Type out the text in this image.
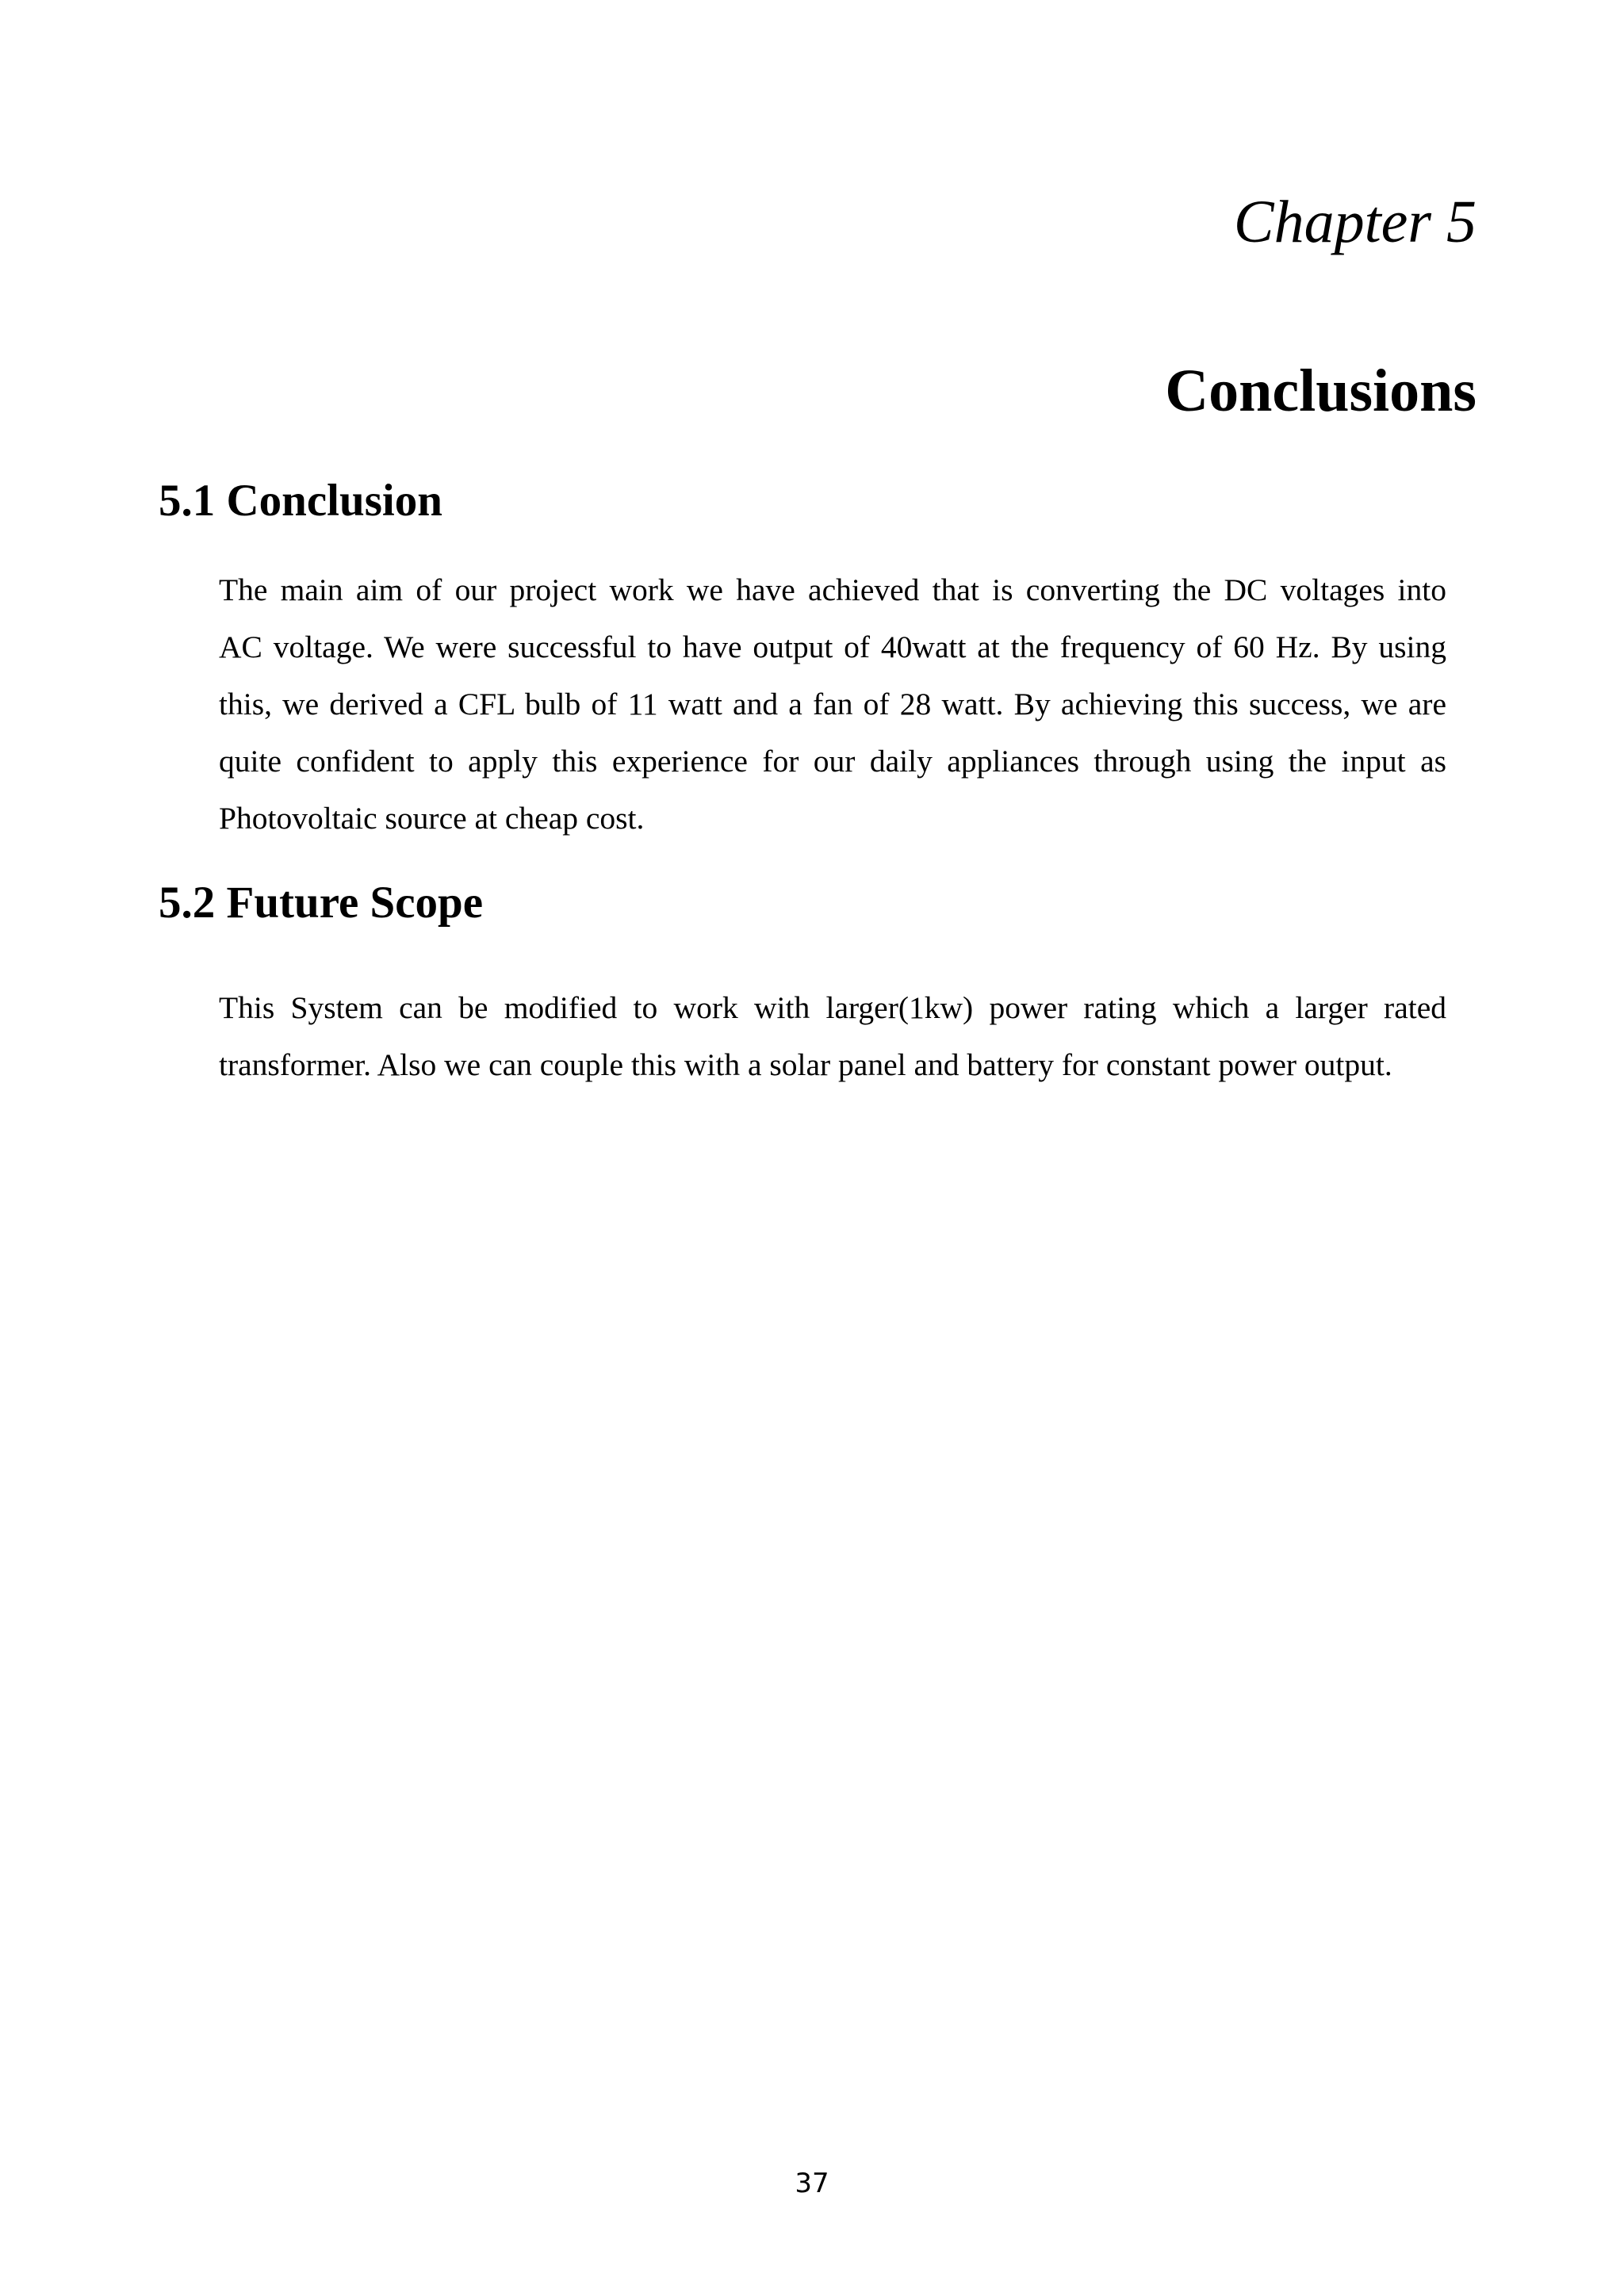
Chapter 5
Conclusions
5.1 Conclusion
The main aim of our project work we have achieved that is converting the DC voltages into
AC voltage. We were successful to have output of 40watt at the frequency of 60 Hz. By using
this, we derived a CFL bulb of 11 watt and a fan of 28 watt. By achieving this success, we are
quite confident to apply this experience for our daily appliances through using the input as
Photovoltaic source at cheap cost.
5.2 Future Scope
This System can be modified to work with larger(1kw) power rating which a larger rated
transformer. Also we can couple this with a solar panel and battery for constant power output.
37
